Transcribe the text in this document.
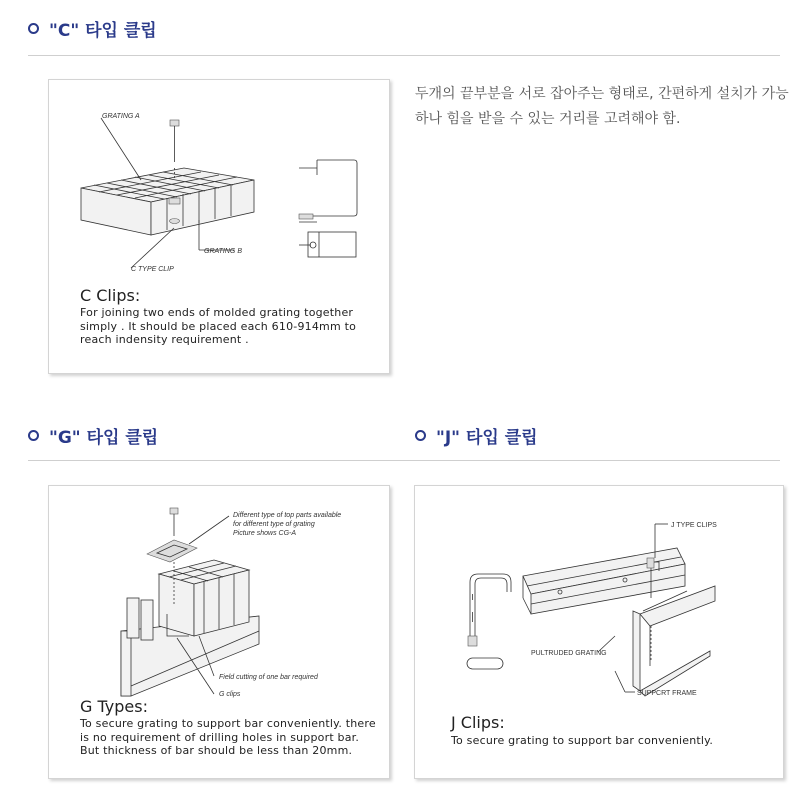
"C" 타입 클립
GRATING A
GRATING B
C TYPE CLIP
C Clips:
For joining two ends of molded grating together
simply . It should be placed each 610-914mm to
reach indensity requirement .
두개의 끝부분을 서로 잡아주는 형태로, 간편하게 설치가 가능하나 힘을 받을 수 있는 거리를 고려해야 함.
"G" 타입 클립	"J" 타입 클립
Different type of top parts available
for different type of grating
Picture shows CG-A
Field cutting of one bar required
G clips
G Types:
To secure grating to support bar conveniently. there
is no requirement of drilling holes in support bar.
But thickness of bar should be less than 20mm.
J TYPE CLIPS
PULTRUDED GRATING
SUPPCRT FRAME
J Clips:
To secure grating to support bar conveniently.
